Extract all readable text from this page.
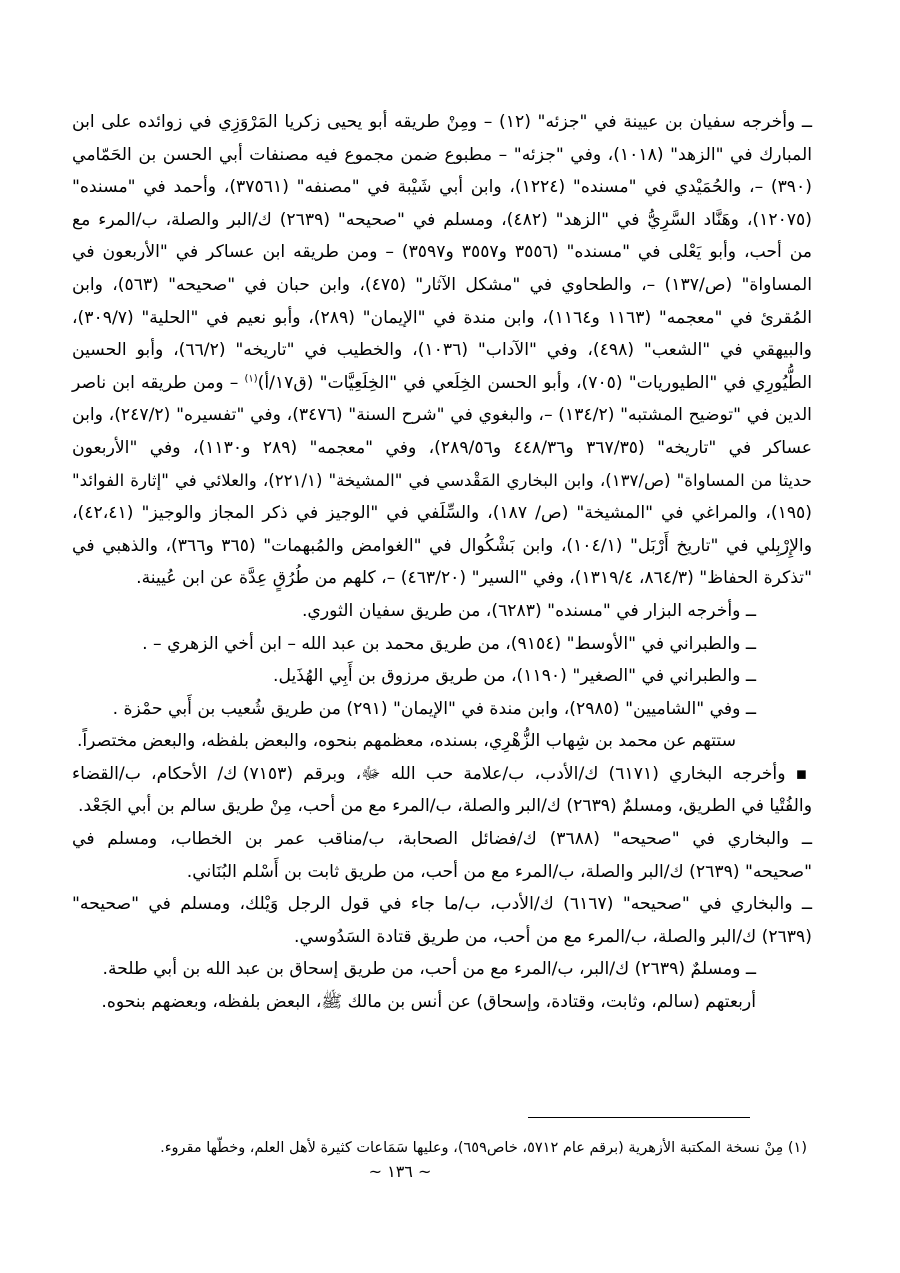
ــ وأخرجه سفيان بن عيينة في "جزئه" (١٢) – ومِنْ طريقه أبو يحيى زكريا المَرْوَزِي في زوائده على ابن
المبارك في "الزهد" (١٠١٨)، وفي "جزئه" – مطبوع ضمن مجموع فيه مصنفات أبي الحسن بن الحَمّامي
(٣٩٠) –، والحُمَيْدي في "مسنده" (١٢٢٤)، وابن أبي شَيْبة في "مصنفه" (٣٧٥٦١)، وأحمد في "مسنده"
(١٢٠٧٥)، وهَنَّاد السَّرِيُّ في "الزهد" (٤٨٢)، ومسلم في "صحيحه" (٢٦٣٩) ك/البر والصلة، ب/المرء مع
من أحب، وأبو يَعْلى في "مسنده" (٣٥٥٦ و٣٥٥٧ و٣٥٩٧) – ومن طريقه ابن عساكر في "الأربعون في
المساواة" (ص/١٣٧) –، والطحاوي في "مشكل الآثار" (٤٧٥)، وابن حبان في "صحيحه" (٥٦٣)، وابن
المُقرئ في "معجمه" (١١٦٣ و١١٦٤)، وابن مندة في "الإيمان" (٢٨٩)، وأبو نعيم في "الحلية" (٣٠٩/٧)،
والبيهقي في "الشعب" (٤٩٨)، وفي "الآداب" (١٠٣٦)، والخطيب في "تاريخه" (٦٦/٢)، وأبو الحسين
الطُّيُورِي في "الطيوريات" (٧٠٥)، وأبو الحسن الخِلَعي في "الخِلَعِيَّات" (ق١٧/أ)$^{(١)}$ – ومن طريقه ابن ناصر
الدين في "توضيح المشتبه" (١٣٤/٢) –، والبغوي في "شرح السنة" (٣٤٧٦)، وفي "تفسيره" (٢٤٧/٢)، وابن
عساكر في "تاريخه" (٣٦٧/٣٥ و٤٤٨/٣٦ و٢٨٩/٥٦)، وفي "معجمه" (٢٨٩ و١١٣٠)، وفي "الأربعون
حديثا من المساواة" (ص/١٣٧)، وابن البخاري المَقْدسي في "المشيخة" (٢٢١/١)، والعلائي في "إثارة الفوائد"
(١٩٥)، والمراغي في "المشيخة" (ص/ ١٨٧)، والسِّلَفي في "الوجيز في ذكر المجاز والوجيز" (٤٢،٤١)،
والإِرْبِلي في "تاريخ أَرْبَل" (١٠٤/١)، وابن بَشْكُوال في "الغوامض والمُبهمات" (٣٦٥ و٣٦٦)، والذهبي في
"تذكرة الحفاظ" (٨٦٤/٣، ١٣١٩/٤)، وفي "السير" (٤٦٣/٢٠) –، كلهم من طُرُقٍ عِدَّة عن ابن عُيينة.
ــ وأخرجه البزار في "مسنده" (٦٢٨٣)، من طريق سفيان الثوري.
ــ والطبراني في "الأوسط" (٩١٥٤)، من طريق محمد بن عبد الله – ابن أخي الزهري – .
ــ والطبراني في "الصغير" (١١٩٠)، من طريق مرزوق بن أَبِي الهُذَيل.
ــ وفي "الشاميين" (٢٩٨٥)، وابن مندة في "الإيمان" (٢٩١) من طريق شُعيب بن أَبي حمْزة .
ستتهم عن محمد بن شِهاب الزُّهْرِي، بسنده، معظمهم بنحوه، والبعض بلفظه، والبعض مختصراً.
▪ وأخرجه البخاري (٦١٧١) ك/الأدب، ب/علامة حب الله ﷻ، وبرقم (٧١٥٣) ك/ الأحكام، ب/القضاء
والفُتْيا في الطريق، ومسلمٌ (٢٦٣٩) ك/البر والصلة، ب/المرء مع من أحب، مِنْ طريق سالم بن أبي الجَعْد.
ــ والبخاري في "صحيحه" (٣٦٨٨) ك/فضائل الصحابة، ب/مناقب عمر بن الخطاب، ومسلم في
"صحيحه" (٢٦٣٩) ك/البر والصلة، ب/المرء مع من أحب، من طريق ثابت بن أَسْلم البُنَاني.
ــ والبخاري في "صحيحه" (٦١٦٧) ك/الأدب، ب/ما جاء في قول الرجل وَيْلك، ومسلم في "صحيحه"
(٢٦٣٩) ك/البر والصلة، ب/المرء مع من أحب، من طريق قتادة السَدُوسي.
ــ ومسلمٌ (٢٦٣٩) ك/البر، ب/المرء مع من أحب، من طريق إسحاق بن عبد الله بن أبي طلحة.
أربعتهم (سالم، وثابت، وقتادة، وإسحاق) عن أنس بن مالك ﷺ، البعض بلفظه، وبعضهم بنحوه.
(١) مِنْ نسخة المكتبة الأزهرية (برقم عام ٥٧١٢، خاص٦٥٩)، وعليها سَمَاعات كثيرة لأهل العلم، وخطّها مقروء.
~ ١٣٦ ~
